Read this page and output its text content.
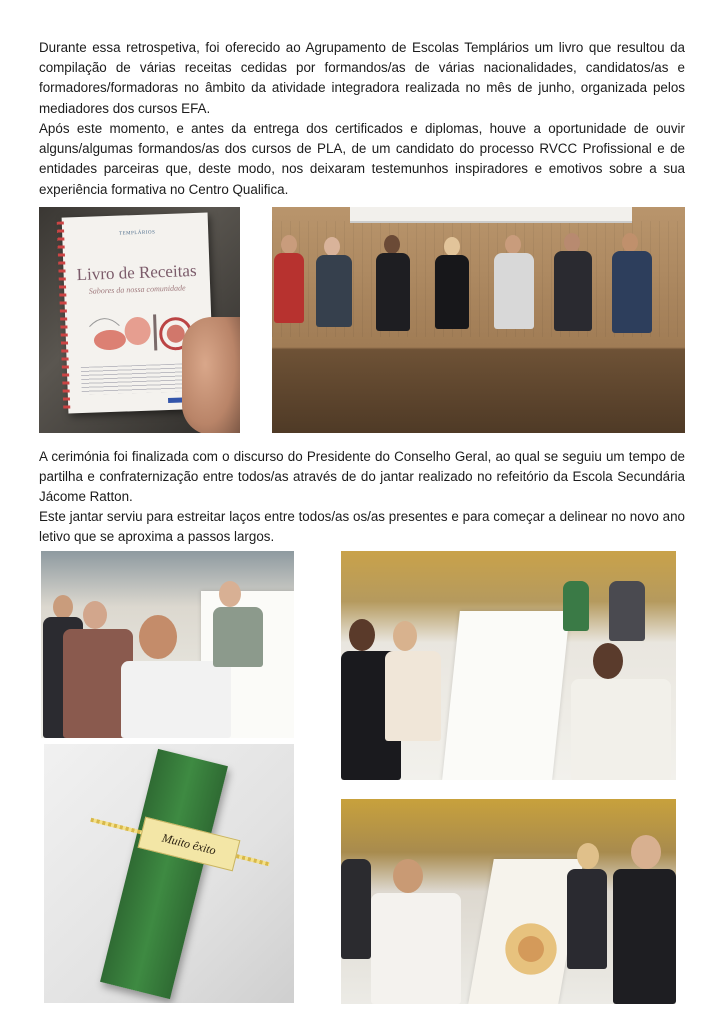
Durante essa retrospetiva, foi oferecido ao Agrupamento de Escolas Templários um livro que resultou da compilação de várias receitas cedidas por formandos/as de várias nacionalidades, candidatos/as e formadores/formadoras no âmbito da atividade integradora realizada no mês de junho, organizada pelos mediadores dos cursos EFA.

Após este momento, e antes da entrega dos certificados e diplomas, houve a oportunidade de ouvir alguns/algumas formandos/as dos cursos de PLA, de um candidato do processo RVCC Profissional e de entidades parceiras que, deste modo, nos deixaram testemunhos inspiradores e emotivos sobre a sua experiência formativa no Centro Qualifica.

TEMPLÁRIOS
Livro de Receitas
Sabores da nossa comunidade

A cerimónia foi finalizada com o discurso do Presidente do Conselho Geral, ao qual se seguiu um tempo de partilha e confraternização entre todos/as através de do jantar realizado no refeitório da Escola Secundária Jácome Ratton.

Este jantar serviu para estreitar laços entre todos/as os/as presentes e para começar a delinear no novo ano letivo que se aproxima a passos largos.

Muito êxito
